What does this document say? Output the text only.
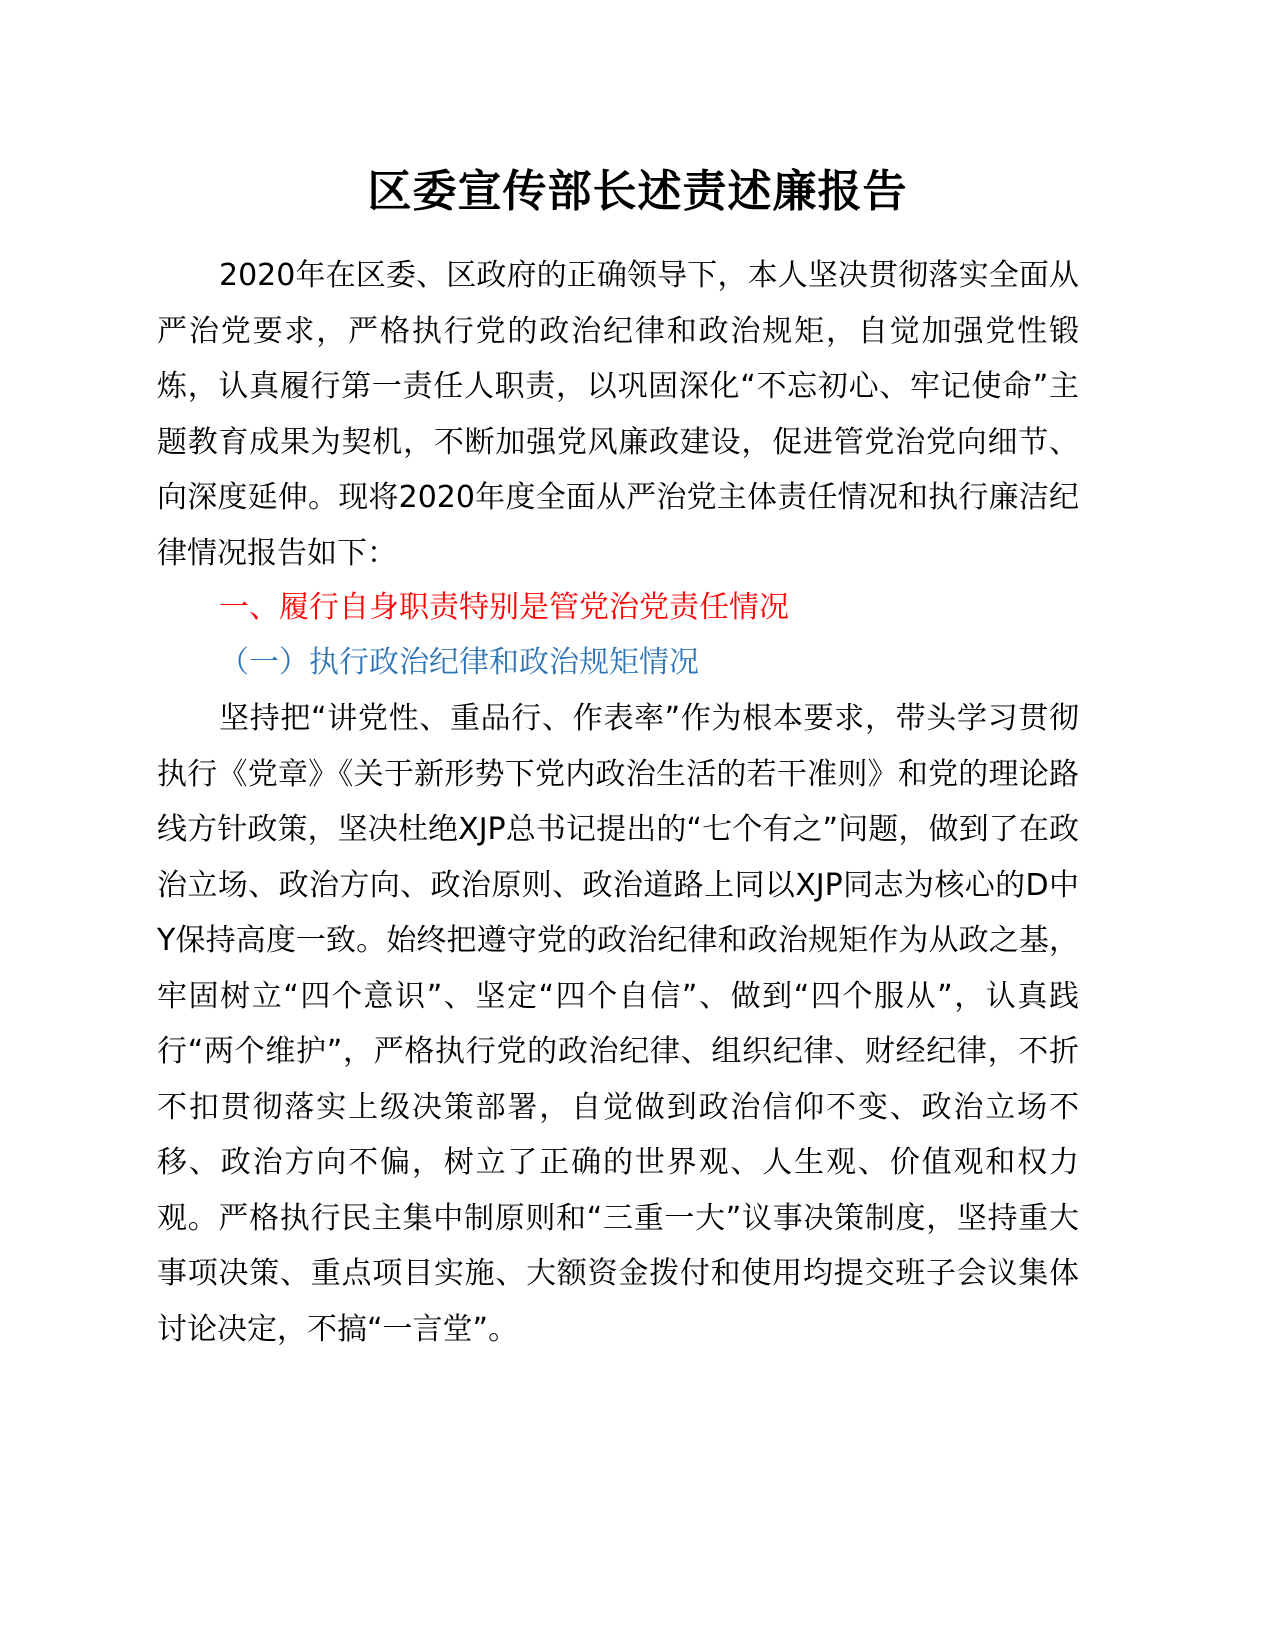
区委宣传部长述责述廉报告

2020年在区委、区政府的正确领导下，本人坚决贯彻落实全面从严治党要求，严格执行党的政治纪律和政治规矩，自觉加强党性锻炼，认真履行第一责任人职责，以巩固深化“不忘初心、牢记使命”主题教育成果为契机，不断加强党风廉政建设，促进管党治党向细节、向深度延伸。现将2020年度全面从严治党主体责任情况和执行廉洁纪律情况报告如下：

一、履行自身职责特别是管党治党责任情况

（一）执行政治纪律和政治规矩情况

坚持把“讲党性、重品行、作表率”作为根本要求，带头学习贯彻执行《党章》《关于新形势下党内政治生活的若干准则》和党的理论路线方针政策，坚决杜绝XJP总书记提出的“七个有之”问题，做到了在政治立场、政治方向、政治原则、政治道路上同以XJP同志为核心的D中Y保持高度一致。始终把遵守党的政治纪律和政治规矩作为从政之基，牢固树立“四个意识”、坚定“四个自信”、做到“四个服从”，认真践行“两个维护”，严格执行党的政治纪律、组织纪律、财经纪律，不折不扣贯彻落实上级决策部署，自觉做到政治信仰不变、政治立场不移、政治方向不偏，树立了正确的世界观、人生观、价值观和权力观。严格执行民主集中制原则和“三重一大”议事决策制度，坚持重大事项决策、重点项目实施、大额资金拨付和使用均提交班子会议集体讨论决定，不搞“一言堂”。
